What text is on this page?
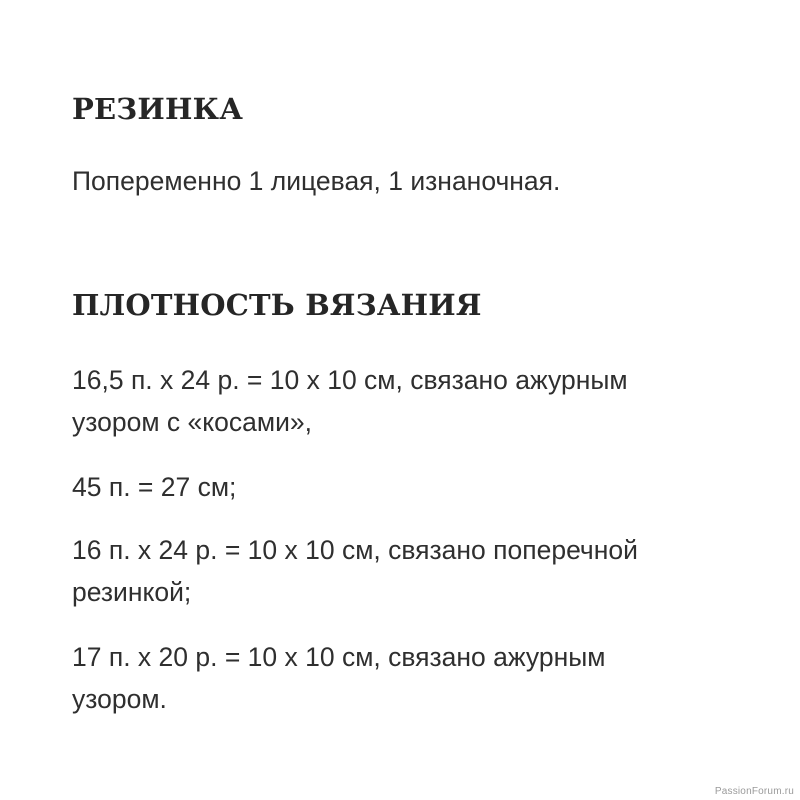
РЕЗИНКА

Попеременно 1 лицевая, 1 изнаночная.

ПЛОТНОСТЬ ВЯЗАНИЯ

16,5 п. х 24 р. = 10 х 10 см, связано ажурным

узором с «косами»,

45 п. = 27 см;

16 п. х 24 р. = 10 х 10 см, связано поперечной

резинкой;

17 п. х 20 р. = 10 х 10 см, связано ажурным

узором.

PassionForum.ru
